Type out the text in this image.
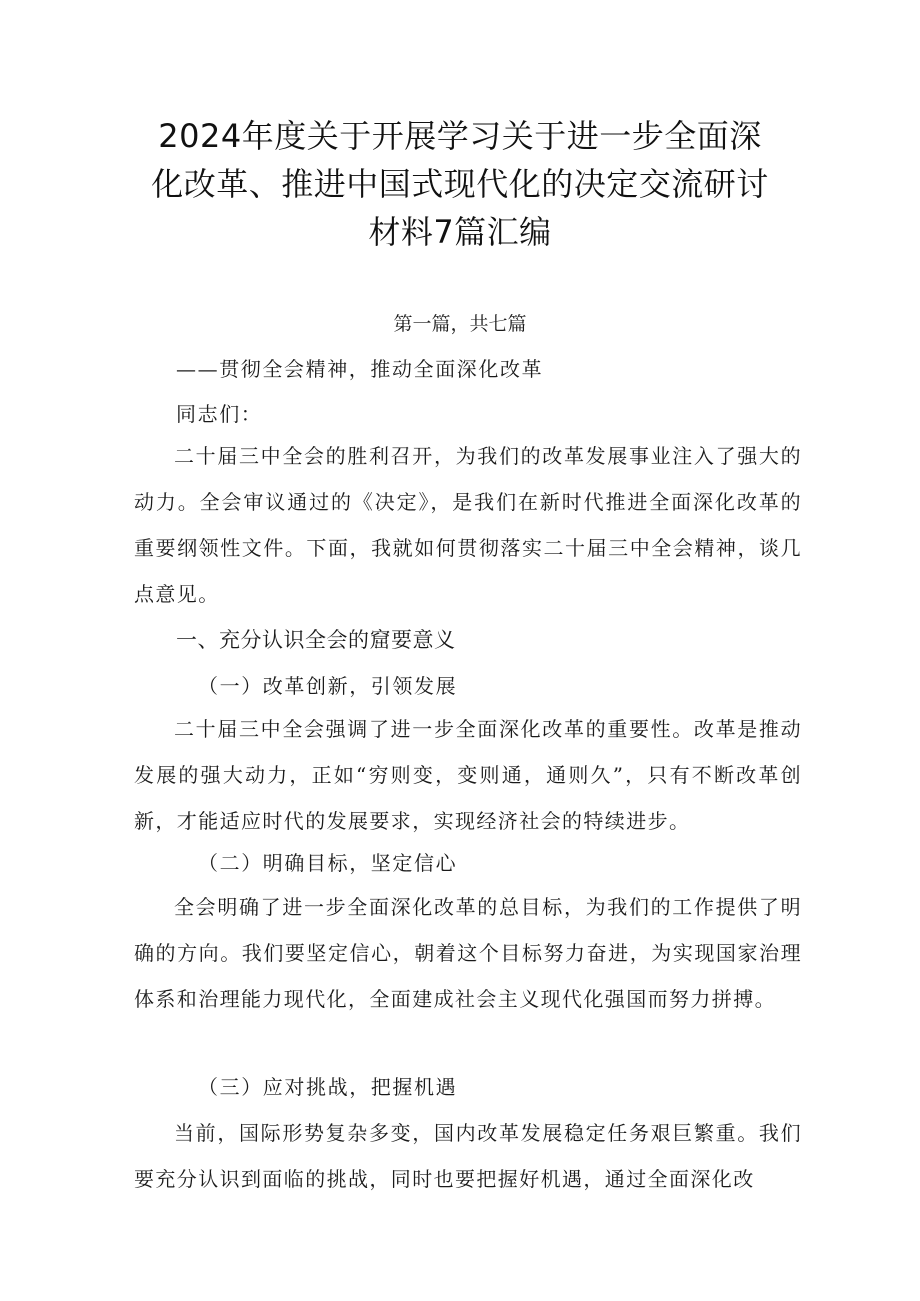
2024年度关于开展学习关于进一步全面深
化改革、推进中国式现代化的决定交流研讨
材料7篇汇编
第一篇，共七篇
——贯彻全会精神，推动全面深化改革
同志们：

二十届三中全会的胜利召开，为我们的改革发展事业注入了强大的动力。全会审议通过的《决定》，是我们在新时代推进全面深化改革的重要纲领性文件。下面，我就如何贯彻落实二十届三中全会精神，谈几点意见。

一、充分认识全会的窟要意义
（一）改革创新，引领发展

二十届三中全会强调了进一步全面深化改革的重要性。改革是推动发展的强大动力，正如“穷则变，变则通，通则久”，只有不断改革创新，才能适应时代的发展要求，实现经济社会的特续进步。

（二）明确目标，坚定信心

全会明确了进一步全面深化改革的总目标，为我们的工作提供了明确的方向。我们要坚定信心，朝着这个目标努力奋进，为实现国家治理体系和治理能力现代化，全面建成社会主义现代化强国而努力拼搏。

（三）应对挑战，把握机遇

当前，国际形势复杂多变，国内改革发展稳定任务艰巨繁重。我们要充分认识到面临的挑战，同时也要把握好机遇，通过全面深化改
